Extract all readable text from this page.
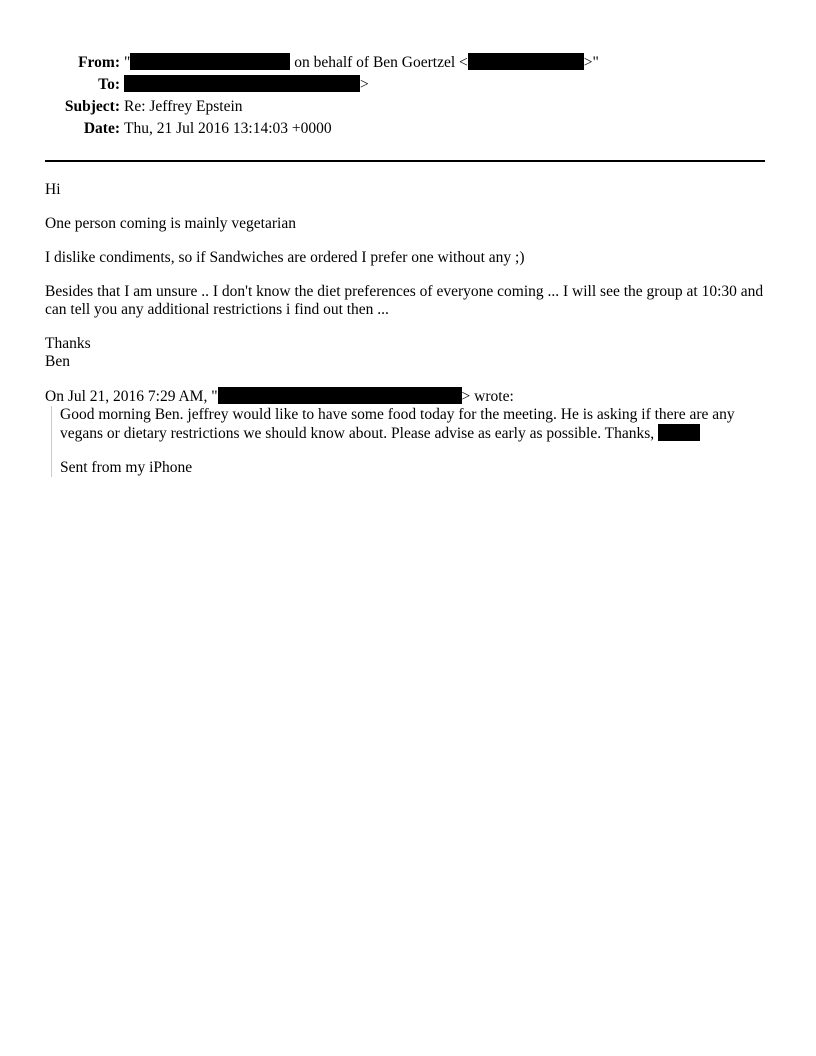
From: "	on behalf of Ben Goertzel <	>"
To:	>
Subject: Re: Jeffrey Epstein
Date: Thu, 21 Jul 2016 13:14:03 +0000

Hi

One person coming is mainly vegetarian

I dislike condiments, so if Sandwiches are ordered I prefer one without any ;)

Besides that I am unsure .. I don't know the diet preferences of everyone coming ... I will see the group at 10:30 and can tell you any additional restrictions i find out then ...

Thanks
Ben

On Jul 21, 2016 7:29 AM, "	> wrote:

Good morning Ben. jeffrey would like to have some food today for the meeting. He is asking if there are any vegans or dietary restrictions we should know about. Please advise as early as possible. Thanks,

Sent from my iPhone
